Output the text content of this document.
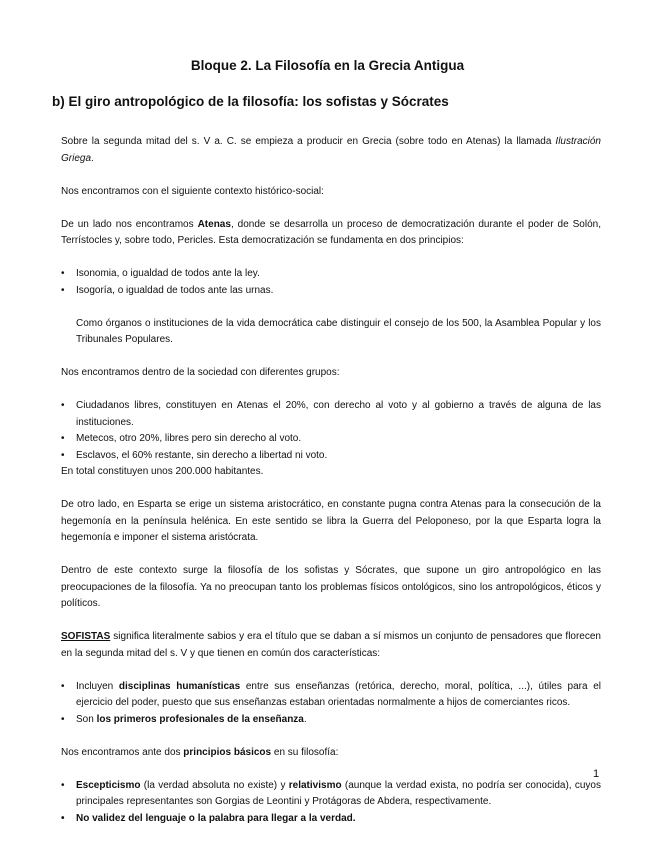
Bloque 2. La Filosofía en la Grecia Antigua
b) El giro antropológico de la filosofía: los sofistas y Sócrates

Sobre la segunda mitad del s. V a. C. se empieza a producir en Grecia (sobre todo en Atenas) la llamada Ilustración Griega.

Nos encontramos con el siguiente contexto histórico-social:

De un lado nos encontramos Atenas, donde se desarrolla un proceso de democratización durante el poder de Solón, Terrístocles y, sobre todo, Pericles. Esta democratización se fundamenta en dos principios:

• Isonomia, o igualdad de todos ante la ley.
• Isogoría, o igualdad de todos ante las urnas.

Como órganos o instituciones de la vida democrática cabe distinguir el consejo de los 500, la Asamblea Popular y los Tribunales Populares.

Nos encontramos dentro de la sociedad con diferentes grupos:

• Ciudadanos libres, constituyen en Atenas el 20%, con derecho al voto y al gobierno a través de alguna de las instituciones.
• Metecos, otro 20%, libres pero sin derecho al voto.
• Esclavos, el 60% restante, sin derecho a libertad ni voto.

En total constituyen unos 200.000 habitantes.

De otro lado, en Esparta se erige un sistema aristocrático, en constante pugna contra Atenas para la consecución de la hegemonía en la península helénica. En este sentido se libra la Guerra del Peloponeso, por la que Esparta logra la hegemonía e imponer el sistema aristócrata.

Dentro de este contexto surge la filosofía de los sofistas y Sócrates, que supone un giro antropológico en las preocupaciones de la filosofía. Ya no preocupan tanto los problemas físicos ontológicos, sino los antropológicos, éticos y políticos.

SOFISTAS significa literalmente sabios y era el título que se daban a sí mismos un conjunto de pensadores que florecen en la segunda mitad del s. V y que tienen en común dos características:

• Incluyen disciplinas humanísticas entre sus enseñanzas (retórica, derecho, moral, política, ...), útiles para el ejercicio del poder, puesto que sus enseñanzas estaban orientadas normalmente a hijos de comerciantes ricos.
• Son los primeros profesionales de la enseñanza.

Nos encontramos ante dos principios básicos en su filosofía:

• Escepticismo (la verdad absoluta no existe) y relativismo (aunque la verdad exista, no podría ser conocida), cuyos principales representantes son Gorgias de Leontini y Protágoras de Abdera, respectivamente.
• No validez del lenguaje o la palabra para llegar a la verdad.
1
